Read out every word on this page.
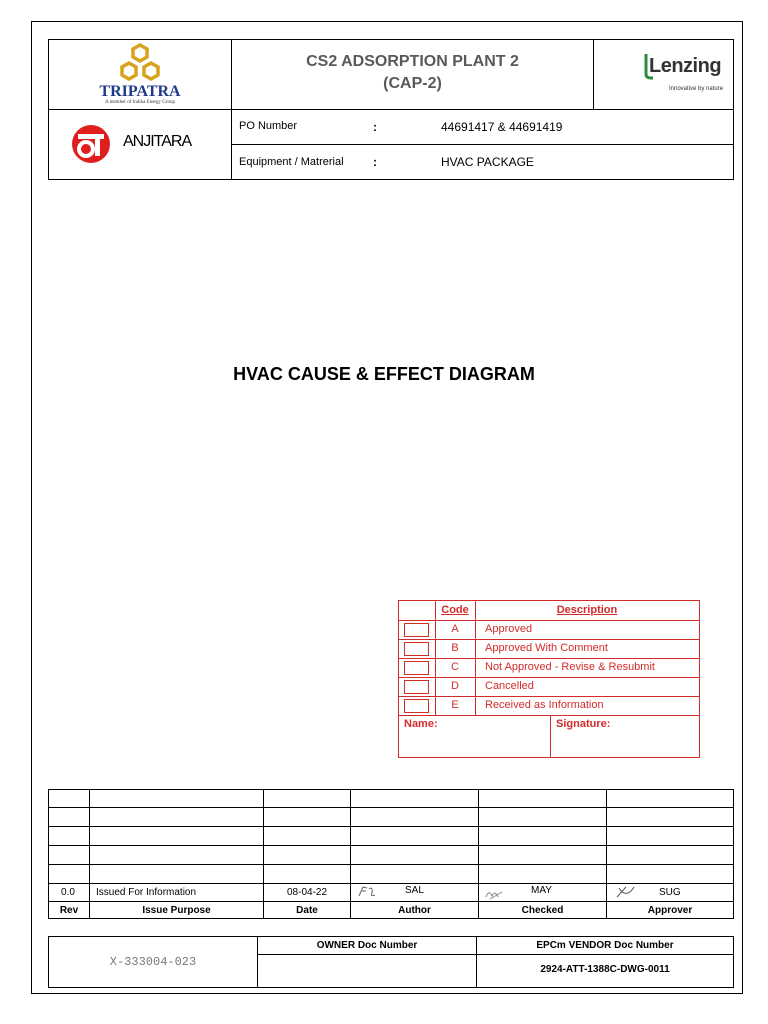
TRIPATRA
A member of Indika Energy Group
CS2 ADSORPTION PLANT 2
(CAP-2)
Lenzing
Innovative by nature
ANJITARA
PO Number	:	44691417 & 44691419
Equipment / Matrerial :	HVAC PACKAGE
HVAC CAUSE & EFFECT DIAGRAM
Code	Description
A	Approved
B	Approved With Comment
C	Not Approved - Revise & Resubmit
D	Cancelled
E	Received as Information
Name:	Signature:
0.0 Issued For Information	08-04-22	SAL	MAY	SUG
Rev	Issue Purpose	Date	Author	Checked	Approver
X-333004-023
OWNER Doc Number	EPCm VENDOR Doc Number
2924-ATT-1388C-DWG-0011
